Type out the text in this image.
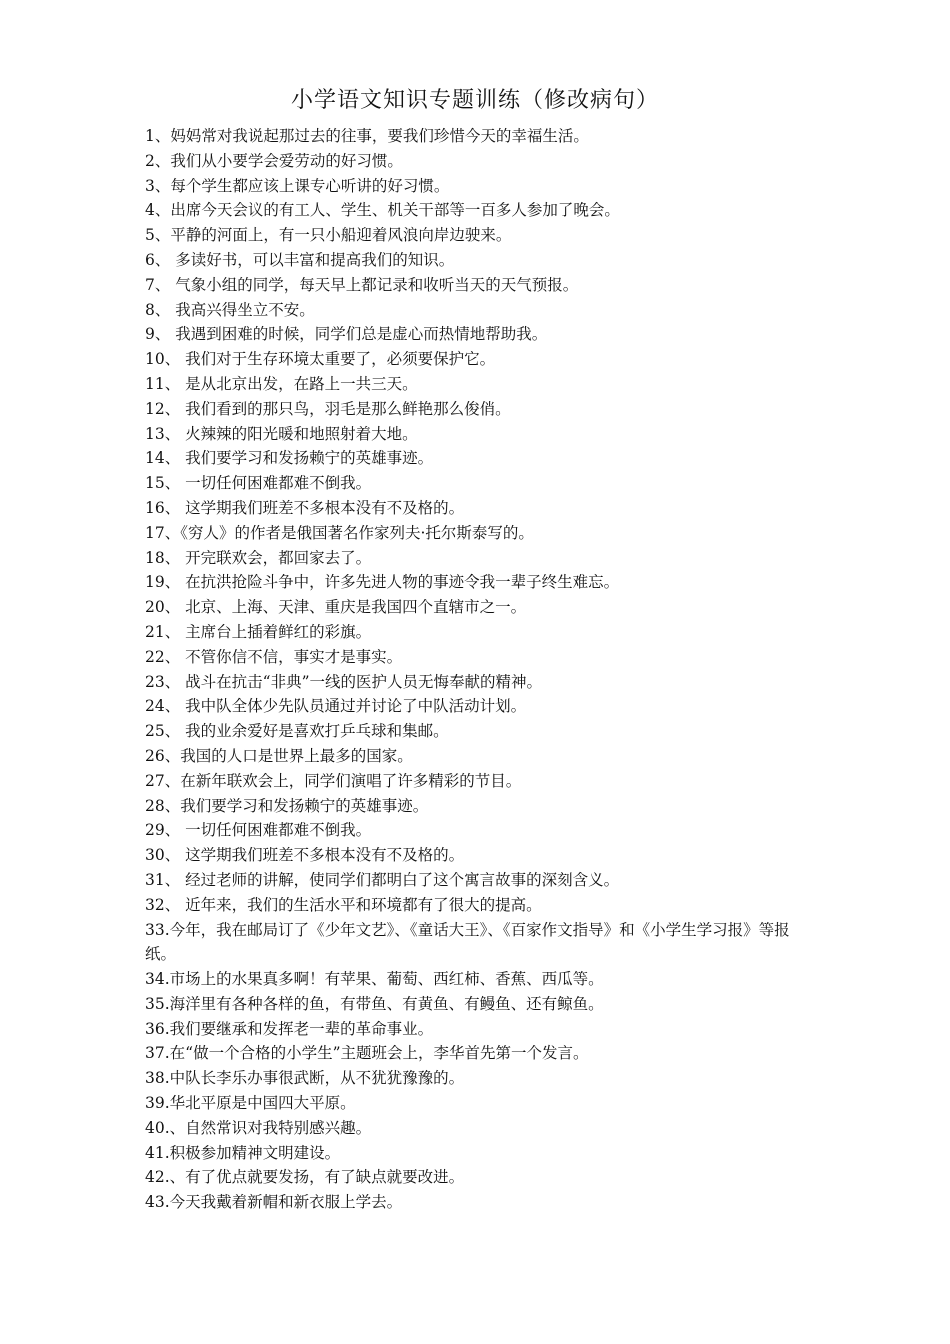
小学语文知识专题训练（修改病句）
1、妈妈常对我说起那过去的往事，要我们珍惜今天的幸福生活。
2、我们从小要学会爱劳动的好习惯。
3、每个学生都应该上课专心听讲的好习惯。
4、出席今天会议的有工人、学生、机关干部等一百多人参加了晚会。
5、平静的河面上，有一只小船迎着风浪向岸边驶来。
6、 多读好书，可以丰富和提高我们的知识。
7、 气象小组的同学，每天早上都记录和收听当天的天气预报。
8、 我高兴得坐立不安。
9、 我遇到困难的时候，同学们总是虚心而热情地帮助我。
10、 我们对于生存环境太重要了，必须要保护它。
11、 是从北京出发，在路上一共三天。
12、 我们看到的那只鸟，羽毛是那么鲜艳那么俊俏。
13、 火辣辣的阳光暖和地照射着大地。
14、 我们要学习和发扬赖宁的英雄事迹。
15、 一切任何困难都难不倒我。
16、 这学期我们班差不多根本没有不及格的。
17、《穷人》的作者是俄国著名作家列夫·托尔斯泰写的。
18、 开完联欢会，都回家去了。
19、 在抗洪抢险斗争中，许多先进人物的事迹令我一辈子终生难忘。
20、 北京、上海、天津、重庆是我国四个直辖市之一。
21、 主席台上插着鲜红的彩旗。
22、 不管你信不信，事实才是事实。
23、 战斗在抗击“非典”一线的医护人员无悔奉献的精神。
24、 我中队全体少先队员通过并讨论了中队活动计划。
25、 我的业余爱好是喜欢打乒乓球和集邮。
26、我国的人口是世界上最多的国家。
27、在新年联欢会上，同学们演唱了许多精彩的节目。
28、我们要学习和发扬赖宁的英雄事迹。
29、 一切任何困难都难不倒我。
30、 这学期我们班差不多根本没有不及格的。
31、 经过老师的讲解，使同学们都明白了这个寓言故事的深刻含义。
32、 近年来，我们的生活水平和环境都有了很大的提高。
33.今年，我在邮局订了《少年文艺》、《童话大王》、《百家作文指导》和《小学生学习报》等报纸。
34.市场上的水果真多啊！有苹果、葡萄、西红柿、香蕉、西瓜等。
35.海洋里有各种各样的鱼，有带鱼、有黄鱼、有鳗鱼、还有鲸鱼。
36.我们要继承和发挥老一辈的革命事业。
37.在“做一个合格的小学生”主题班会上，李华首先第一个发言。
38.中队长李乐办事很武断，从不犹犹豫豫的。
39.华北平原是中国四大平原。
40.、自然常识对我特别感兴趣。
41.积极参加精神文明建设。
42.、有了优点就要发扬，有了缺点就要改进。
43.今天我戴着新帽和新衣服上学去。
